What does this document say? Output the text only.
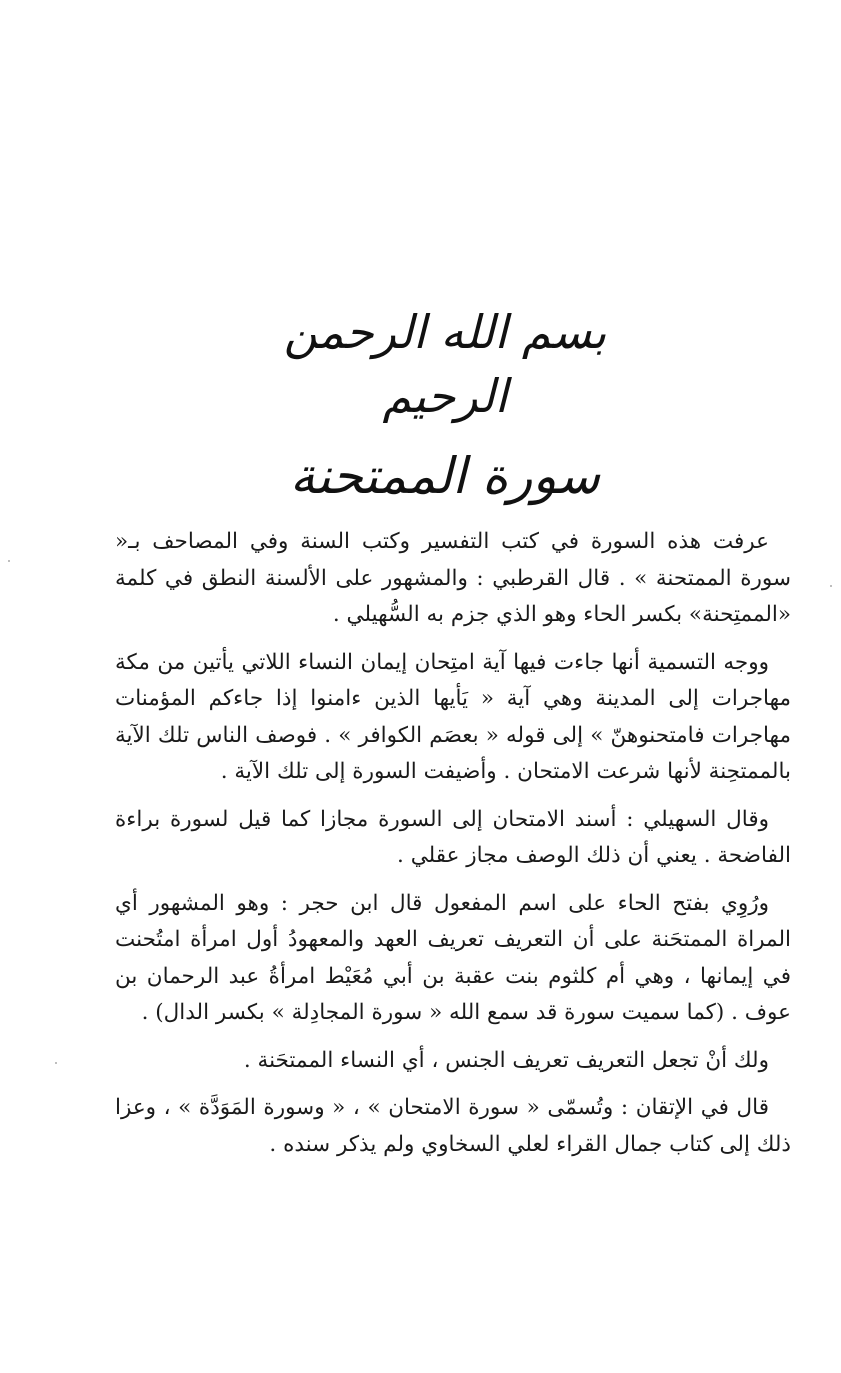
بسم الله الرحمن الرحيم
سورة الممتحنة

عرفت هذه السورة في كتب التفسير وكتب السنة وفي المصاحف بـ« سورة الممتحنة » . قال القرطبي : والمشهور على الألسنة النطق في كلمة «الممتِحنة» بكسر الحاء وهو الذي جزم به السُّهيلي .

ووجه التسمية أنها جاءت فيها آية امتِحان إيمان النساء اللاتي يأتين من مكة مهاجرات إلى المدينة وهي آية « يَأيها الذين ءامنوا إذا جاءكم المؤمنات مهاجرات فامتحنوهنّ » إلى قوله « بعصَم الكوافر » . فوصف الناس تلك الآية بالممتحِنة لأنها شرعت الامتحان . وأضيفت السورة إلى تلك الآية .

وقال السهيلي : أسند الامتحان إلى السورة مجازا كما قيل لسورة براءة الفاضحة . يعني أن ذلك الوصف مجاز عقلي .

ورُوِي بفتح الحاء على اسم المفعول قال ابن حجر : وهو المشهور أي المراة الممتحَنة على أن التعريف تعريف العهد والمعهودُ أول امرأة امتُحنت في إيمانها ، وهي أم كلثوم بنت عقبة بن أبي مُعَيْط امرأةُ عبد الرحمان بن عوف . (كما سميت سورة قد سمع الله « سورة المجادِلة » بكسر الدال) .

ولك أنْ تجعل التعريف تعريف الجنس ، أي النساء الممتحَنة .

قال في الإتقان : وتُسمّى « سورة الامتحان » ، « وسورة المَوَدَّة » ، وعزا ذلك إلى كتاب جمال القراء لعلي السخاوي ولم يذكر سنده .
